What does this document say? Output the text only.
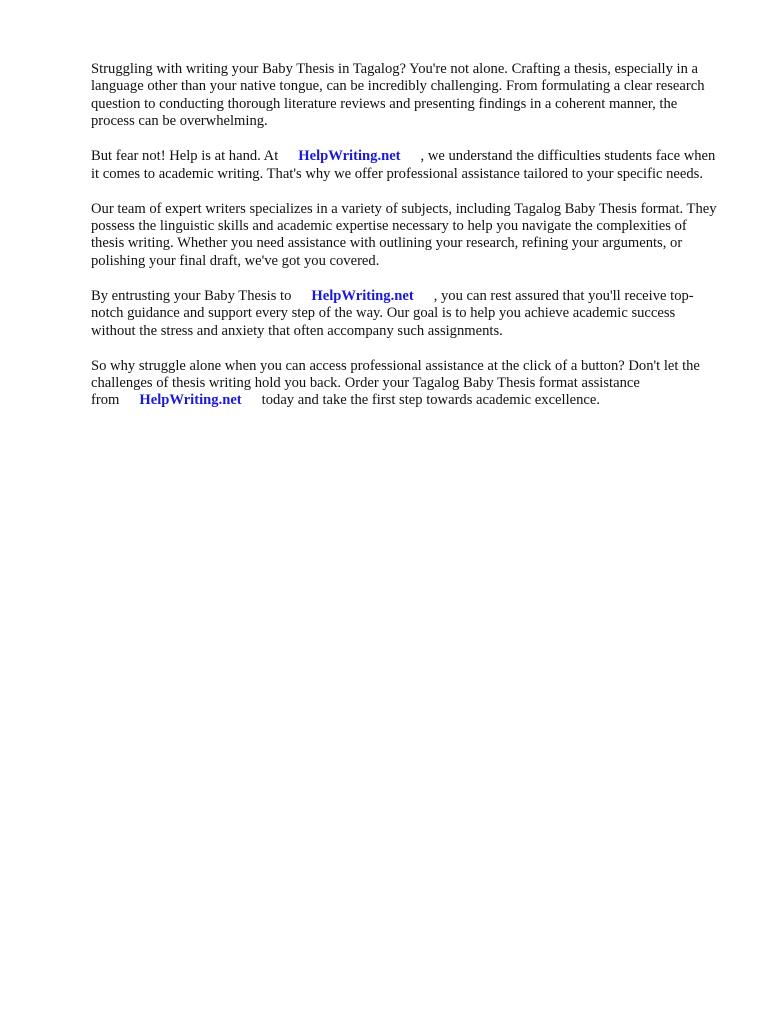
Struggling with writing your Baby Thesis in Tagalog? You're not alone. Crafting a thesis, especially in a language other than your native tongue, can be incredibly challenging. From formulating a clear research question to conducting thorough literature reviews and presenting findings in a coherent manner, the process can be overwhelming.

But fear not! Help is at hand. At HelpWriting.net , we understand the difficulties students face when it comes to academic writing. That's why we offer professional assistance tailored to your specific needs.

Our team of expert writers specializes in a variety of subjects, including Tagalog Baby Thesis format. They possess the linguistic skills and academic expertise necessary to help you navigate the complexities of thesis writing. Whether you need assistance with outlining your research, refining your arguments, or polishing your final draft, we've got you covered.

By entrusting your Baby Thesis to HelpWriting.net , you can rest assured that you'll receive top-notch guidance and support every step of the way. Our goal is to help you achieve academic success without the stress and anxiety that often accompany such assignments.

So why struggle alone when you can access professional assistance at the click of a button? Don't let the challenges of thesis writing hold you back. Order your Tagalog Baby Thesis format assistance from HelpWriting.net today and take the first step towards academic excellence.
